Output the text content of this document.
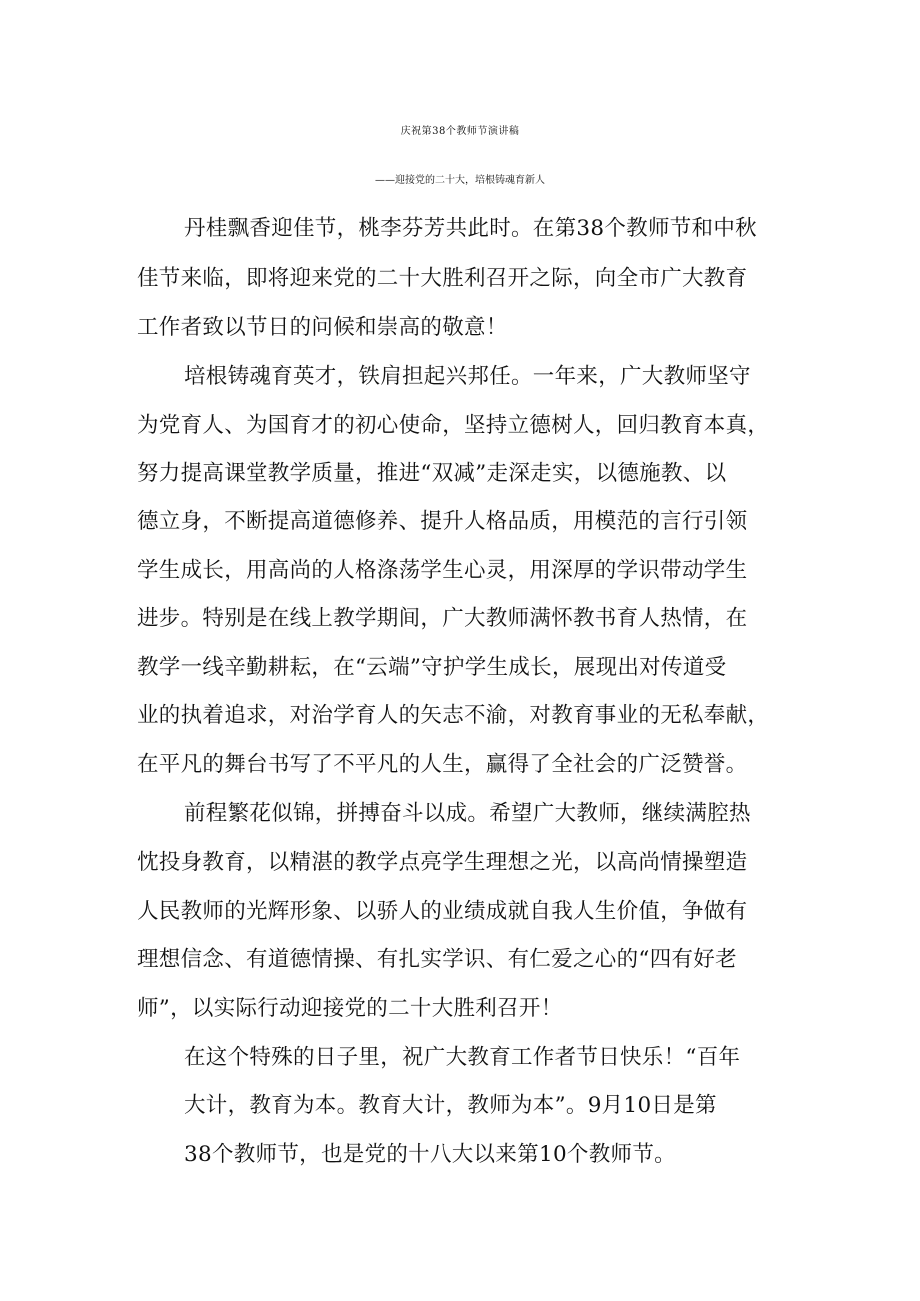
庆祝第38个教师节演讲稿
——迎接党的二十大，培根铸魂育新人
丹桂飘香迎佳节，桃李芬芳共此时。在第38个教师节和中秋
佳节来临，即将迎来党的二十大胜利召开之际，向全市广大教育
工作者致以节日的问候和崇高的敬意！
培根铸魂育英才，铁肩担起兴邦任。一年来，广大教师坚守
为党育人、为国育才的初心使命，坚持立德树人，回归教育本真，
努力提高课堂教学质量，推进“双减”走深走实，以德施教、以
德立身，不断提高道德修养、提升人格品质，用模范的言行引领
学生成长，用高尚的人格涤荡学生心灵，用深厚的学识带动学生
进步。特别是在线上教学期间，广大教师满怀教书育人热情，在
教学一线辛勤耕耘，在“云端”守护学生成长，展现出对传道受
业的执着追求，对治学育人的矢志不渝，对教育事业的无私奉献，
在平凡的舞台书写了不平凡的人生，赢得了全社会的广泛赞誉。
前程繁花似锦，拼搏奋斗以成。希望广大教师，继续满腔热
忱投身教育，以精湛的教学点亮学生理想之光，以高尚情操塑造
人民教师的光辉形象、以骄人的业绩成就自我人生价值，争做有
理想信念、有道德情操、有扎实学识、有仁爱之心的“四有好老
师”，以实际行动迎接党的二十大胜利召开！
在这个特殊的日子里，祝广大教育工作者节日快乐！“百年
大计，教育为本。教育大计，教师为本”。9月10日是第
38个教师节，也是党的十八大以来第10个教师节。
